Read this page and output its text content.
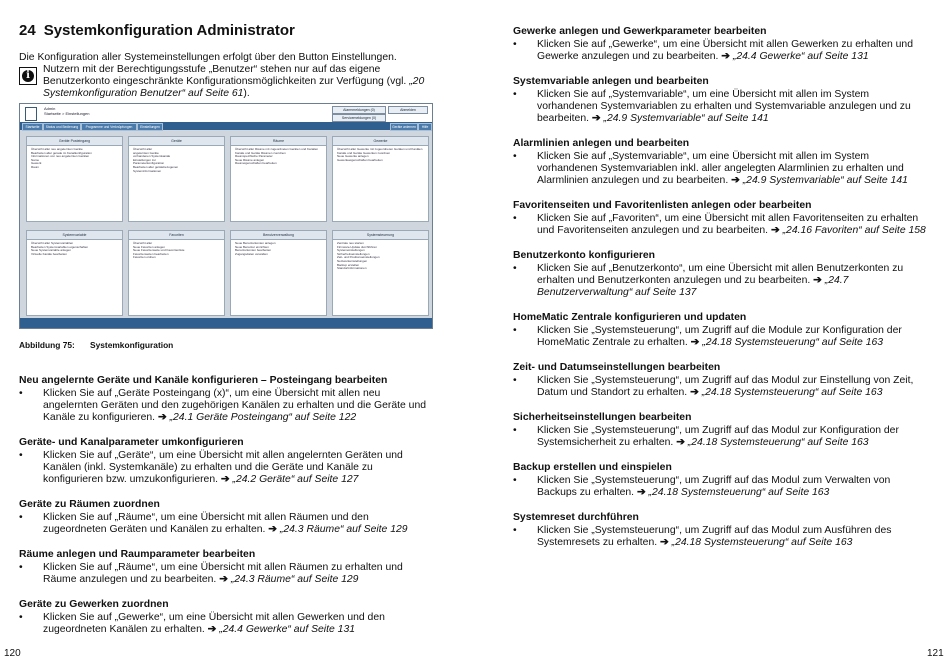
24 Systemkonfiguration Administrator
Die Konfiguration aller Systemeinstellungen erfolgt über den Button Einstellungen.
i
Nutzern mit der Berechtigungsstufe „Benutzer“ stehen nur auf das eigene Benutzerkonto eingeschränkte Konfigurationsmöglichkeiten zur Verfügung (vgl. „20 Systemkonfiguration Benutzer“ auf Seite 61).
Admin
Startseite > Einstellungen
Alarmmeldungen (0)	Abmelden
Servicemeldungen (0)
Startseite	Status und Bedienung	Programme und Verknüpfungen	Einstellungen	Geräte anlernen	Hilfe
Geräte Posteingang
Übersicht aller neu angelernten Geräte
Bearbeiten aller gerade im Kanalkonfiguration
Informationen von neu angelernten Geräten
Name
Gewerk
Raum
Geräte
Übersicht aller
angelernten Geräte
vorhandenen Systemkanäle
Einstellungen zur
Parameterkonfiguration
Bearbeiten aller gerätebezogenen
Systeminformationen
Räume
Übersicht aller Räume mit zugeordneten Geräten und Kanälen
Kanäle und Geräte Räumen zuordnen
Raumspezifische Parameter
Neue Räume anlegen
Raumeigenschaften bearbeiten
Gewerke
Übersicht aller Gewerke mit zugeordneten Geräten und Kanälen
Kanäle und Geräte Gewerken zuordnen
Neue Gewerke anlegen
Gewerkeeigenschaften bearbeiten
Systemvariable
Übersicht aller Systemvariablen
Bearbeiten Systemvariablen eigenschaften
Neue Systemvariable anlegen
Virtuelle Kanäle bearbeiten
Favoriten
Übersicht aller
Neue Favoriten anlegen
Neue Favoritenseite und Favoritenliste
Favoritenseiten bearbeiten
Favoriten ordnen
Benutzerverwaltung
Neue Benutzerkonten anlegen
Neue Benutzer einrichten
Benutzerkonten bearbeiten
Zugangsdaten verwalten
Systemsteuerung
Zentrale neu starten
Firmware-Update durchführen
Systemeinstellungen
Sicherheitseinstellungen
Zeit- und Positionseinstellungen
Netzwerkeinstellungen
Backup erstellen
Standortinformationen
Abbildung 75: Systemkonfiguration
Neu angelernte Geräte und Kanäle konfigurieren – Posteingang bearbeiten
• Klicken Sie auf „Geräte Posteingang (x)“, um eine Übersicht mit allen neu angelernten Geräten und den zugehörigen Kanälen zu erhalten und die Geräte und Kanäle zu konfigurieren. ➔ „24.1 Geräte Posteingang“ auf Seite 122
Geräte- und Kanalparameter umkonfigurieren
• Klicken Sie auf „Geräte“, um eine Übersicht mit allen angelernten Geräten und Kanälen (inkl. Systemkanäle) zu erhalten und die Geräte und Kanäle zu konfigurieren bzw. umzukonfigurieren. ➔ „24.2 Geräte“ auf Seite 127
Geräte zu Räumen zuordnen
• Klicken Sie auf „Räume“, um eine Übersicht mit allen Räumen und den zugeordneten Geräten und Kanälen zu erhalten. ➔ „24.3 Räume“ auf Seite 129
Räume anlegen und Raumparameter bearbeiten
• Klicken Sie auf „Räume“, um eine Übersicht mit allen Räumen zu erhalten und Räume anzulegen und zu bearbeiten. ➔ „24.3 Räume“ auf Seite 129
Geräte zu Gewerken zuordnen
• Klicken Sie auf „Gewerke“, um eine Übersicht mit allen Gewerken und den zugeordneten Kanälen zu erhalten. ➔ „24.4 Gewerke“ auf Seite 131
Gewerke anlegen und Gewerkparameter bearbeiten
• Klicken Sie auf „Gewerke“, um eine Übersicht mit allen Gewerken zu erhalten und Gewerke anzulegen und zu bearbeiten. ➔ „24.4 Gewerke“ auf Seite 131
Systemvariable anlegen und bearbeiten
• Klicken Sie auf „Systemvariable“, um eine Übersicht mit allen im System vorhandenen Systemvariablen zu erhalten und Systemvariable anzulegen und zu bearbeiten. ➔ „24.9 Systemvariable“ auf Seite 141
Alarmlinien anlegen und bearbeiten
• Klicken Sie auf „Systemvariable“, um eine Übersicht mit allen im System vorhandenen Systemvariablen inkl. aller angelegten Alarmlinien zu erhalten und Alarmlinien anzulegen und zu bearbeiten. ➔ „24.9 Systemvariable“ auf Seite 141
Favoritenseiten und Favoritenlisten anlegen oder bearbeiten
• Klicken Sie auf „Favoriten“, um eine Übersicht mit allen Favoritenseiten zu erhalten und Favoritenseiten anzulegen und zu bearbeiten. ➔ „24.16 Favoriten“ auf Seite 158
Benutzerkonto konfigurieren
• Klicken Sie auf „Benutzerkonto“, um eine Übersicht mit allen Benutzerkonten zu erhalten und Benutzerkonten anzulegen und zu bearbeiten. ➔ „24.7 Benutzerverwaltung“ auf Seite 137
HomeMatic Zentrale konfigurieren und updaten
• Klicken Sie „Systemsteuerung“, um Zugriff auf die Module zur Konfiguration der HomeMatic Zentrale zu erhalten. ➔ „24.18 Systemsteuerung“ auf Seite 163
Zeit- und Datumseinstellungen bearbeiten
• Klicken Sie „Systemsteuerung“, um Zugriff auf das Modul zur Einstellung von Zeit, Datum und Standort zu erhalten. ➔ „24.18 Systemsteuerung“ auf Seite 163
Sicherheitseinstellungen bearbeiten
• Klicken Sie „Systemsteuerung“, um Zugriff auf das Modul zur Konfiguration der Systemsicherheit zu erhalten. ➔ „24.18 Systemsteuerung“ auf Seite 163
Backup erstellen und einspielen
• Klicken Sie „Systemsteuerung“, um Zugriff auf das Modul zum Verwalten von Backups zu erhalten. ➔ „24.18 Systemsteuerung“ auf Seite 163
Systemreset durchführen
• Klicken Sie „Systemsteuerung“, um Zugriff auf das Modul zum Ausführen des Systemresets zu erhalten. ➔ „24.18 Systemsteuerung“ auf Seite 163
120	121
